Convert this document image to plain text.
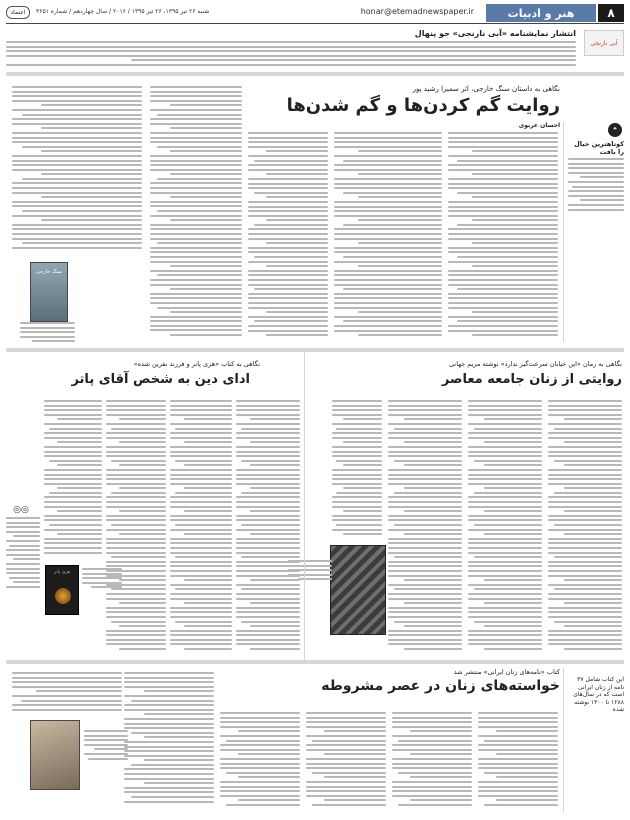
۸
هنر و ادبیات
honar@etemadnewspaper.ir
شنبه ۲۶ تیر ۱۳۹۵، ۲۶ تیر ۱۳۹۵ / ۲۰۱۶ / سال چهاردهم / شماره ۳۶۵۱
اعتماد
آبی نارنجی
انتشار نمایشنامه «آبی نارنجی» جو پنهال
نگاهی به داستان سنگ خارجی، اثر سمیرا رشید پور
روایت گم کردن‌ها و گم شدن‌ها
احسان عربوی
❝
کوتاهترین خیال را بافت
سنگ خارجی
نگاهی به رمان «این خیابان سرعت‌گیر ندارد» نوشته مریم جهانی
روایتی از زنان جامعه معاصر
نگاهی به کتاب «هری پاتر و فرزند نفرین شده»
ادای دین به شخص آقای پاتر
◎◎
هری پاتر
کتاب «نامه‌های زنان ایرانی» منتشر شد
خواسته‌های زنان در عصر مشروطه	این کتاب شامل ۳۷ نامه از زنان ایرانی است که در سال‌های ۱۲۸۸ تا ۱۳۰۰ نوشته شده
